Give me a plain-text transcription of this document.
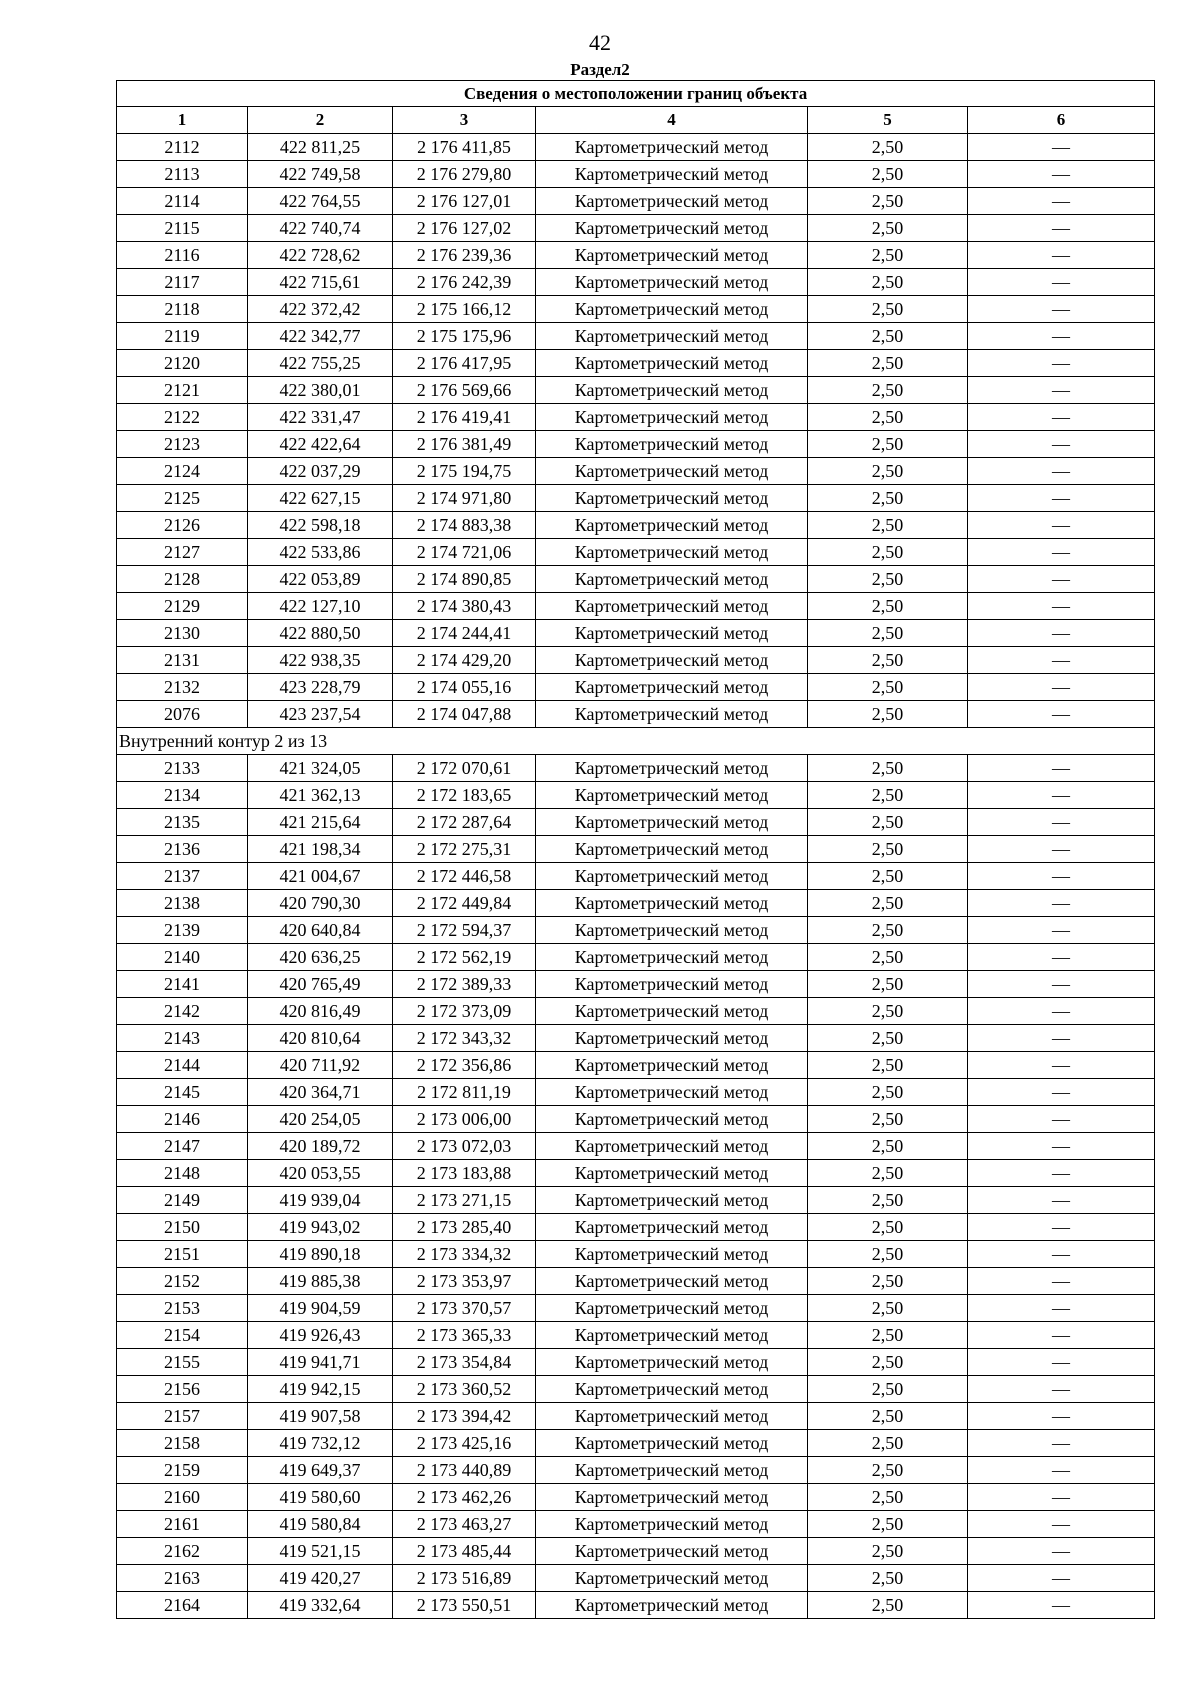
42
Раздел2
Сведения о местоположении границ объекта					
1	2	3	4	5	6
2112	422 811,25	2 176 411,85	Картометрический метод	2,50	—
2113	422 749,58	2 176 279,80	Картометрический метод	2,50	—
2114	422 764,55	2 176 127,01	Картометрический метод	2,50	—
2115	422 740,74	2 176 127,02	Картометрический метод	2,50	—
2116	422 728,62	2 176 239,36	Картометрический метод	2,50	—
2117	422 715,61	2 176 242,39	Картометрический метод	2,50	—
2118	422 372,42	2 175 166,12	Картометрический метод	2,50	—
2119	422 342,77	2 175 175,96	Картометрический метод	2,50	—
2120	422 755,25	2 176 417,95	Картометрический метод	2,50	—
2121	422 380,01	2 176 569,66	Картометрический метод	2,50	—
2122	422 331,47	2 176 419,41	Картометрический метод	2,50	—
2123	422 422,64	2 176 381,49	Картометрический метод	2,50	—
2124	422 037,29	2 175 194,75	Картометрический метод	2,50	—
2125	422 627,15	2 174 971,80	Картометрический метод	2,50	—
2126	422 598,18	2 174 883,38	Картометрический метод	2,50	—
2127	422 533,86	2 174 721,06	Картометрический метод	2,50	—
2128	422 053,89	2 174 890,85	Картометрический метод	2,50	—
2129	422 127,10	2 174 380,43	Картометрический метод	2,50	—
2130	422 880,50	2 174 244,41	Картометрический метод	2,50	—
2131	422 938,35	2 174 429,20	Картометрический метод	2,50	—
2132	423 228,79	2 174 055,16	Картометрический метод	2,50	—
2076	423 237,54	2 174 047,88	Картометрический метод	2,50	—
Внутренний контур 2 из 13					
2133	421 324,05	2 172 070,61	Картометрический метод	2,50	—
2134	421 362,13	2 172 183,65	Картометрический метод	2,50	—
2135	421 215,64	2 172 287,64	Картометрический метод	2,50	—
2136	421 198,34	2 172 275,31	Картометрический метод	2,50	—
2137	421 004,67	2 172 446,58	Картометрический метод	2,50	—
2138	420 790,30	2 172 449,84	Картометрический метод	2,50	—
2139	420 640,84	2 172 594,37	Картометрический метод	2,50	—
2140	420 636,25	2 172 562,19	Картометрический метод	2,50	—
2141	420 765,49	2 172 389,33	Картометрический метод	2,50	—
2142	420 816,49	2 172 373,09	Картометрический метод	2,50	—
2143	420 810,64	2 172 343,32	Картометрический метод	2,50	—
2144	420 711,92	2 172 356,86	Картометрический метод	2,50	—
2145	420 364,71	2 172 811,19	Картометрический метод	2,50	—
2146	420 254,05	2 173 006,00	Картометрический метод	2,50	—
2147	420 189,72	2 173 072,03	Картометрический метод	2,50	—
2148	420 053,55	2 173 183,88	Картометрический метод	2,50	—
2149	419 939,04	2 173 271,15	Картометрический метод	2,50	—
2150	419 943,02	2 173 285,40	Картометрический метод	2,50	—
2151	419 890,18	2 173 334,32	Картометрический метод	2,50	—
2152	419 885,38	2 173 353,97	Картометрический метод	2,50	—
2153	419 904,59	2 173 370,57	Картометрический метод	2,50	—
2154	419 926,43	2 173 365,33	Картометрический метод	2,50	—
2155	419 941,71	2 173 354,84	Картометрический метод	2,50	—
2156	419 942,15	2 173 360,52	Картометрический метод	2,50	—
2157	419 907,58	2 173 394,42	Картометрический метод	2,50	—
2158	419 732,12	2 173 425,16	Картометрический метод	2,50	—
2159	419 649,37	2 173 440,89	Картометрический метод	2,50	—
2160	419 580,60	2 173 462,26	Картометрический метод	2,50	—
2161	419 580,84	2 173 463,27	Картометрический метод	2,50	—
2162	419 521,15	2 173 485,44	Картометрический метод	2,50	—
2163	419 420,27	2 173 516,89	Картометрический метод	2,50	—
2164	419 332,64	2 173 550,51	Картометрический метод	2,50	—
